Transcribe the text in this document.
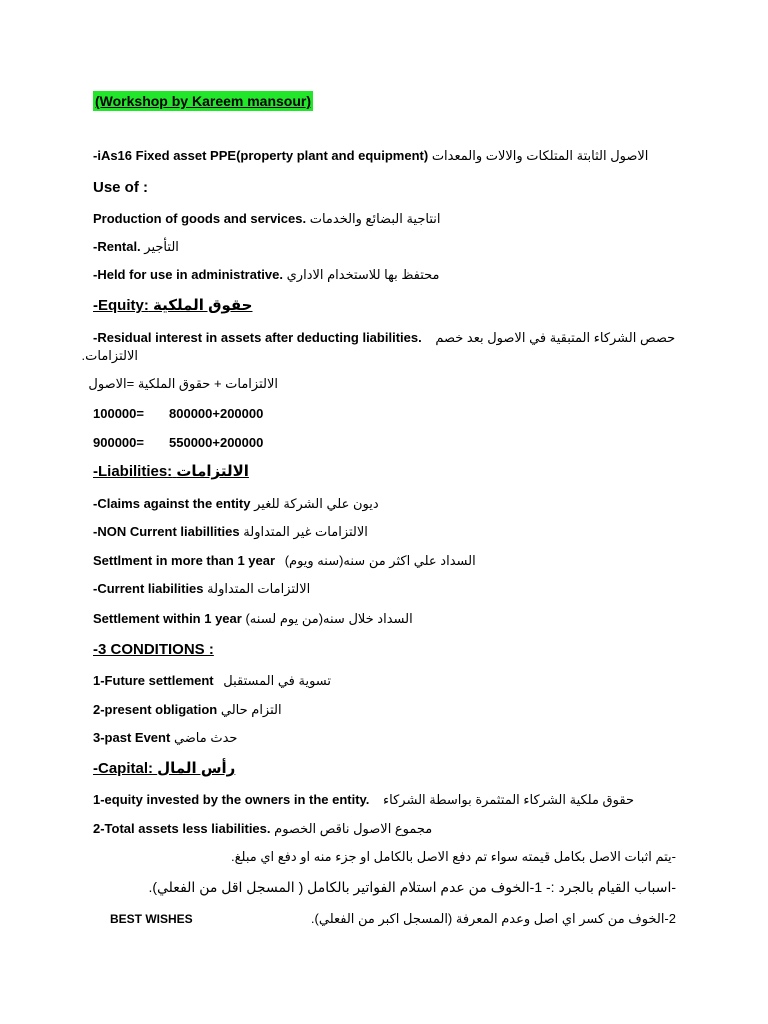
(Workshop by Kareem mansour)
-iAs16 Fixed asset PPE(property plant and equipment) الاصول الثابتة المتلكات والالات والمعدات
Use of :
Production of goods and services. انتاجية البضائع والخدمات
-Rental. التأجير
-Held for use in administrative. محتفظ بها للاستخدام الاداري
-Equity: حقوق الملكية
-Residual interest in assets after deducting liabilities. حصص الشركاء المتبقية في الاصول بعد خصم
الالتزامات.
الالتزامات + حقوق الملكية =الاصول
100000= 800000+200000
900000= 550000+200000
-Liabilities: الالتزامات
-Claims against the entity ديون علي الشركة للغير
-NON Current liabillities الالتزامات غير المتداولة
Settlment in more than 1 year (السداد علي اكثر من سنه(سنه ويوم
-Current liabilities الالتزامات المتداولة
Settlement within 1 year (السداد خلال سنه(من يوم لسنه
-3 CONDITIONS :
1-Future settlement تسوية في المستقبل
2-present obligation التزام حالي
3-past Event حدث ماضي
-Capital: رأس المال
1-equity invested by the owners in the entity. حقوق ملكية الشركاء المتثمرة بواسطة الشركاء
2-Total assets less liabilities. مجموع الاصول ناقص الخصوم
-يتم اثبات الاصل بكامل قيمته سواء تم دفع الاصل بالكامل او جزء منه او دفع اي مبلغ.
-اسباب القيام بالجرد :- 1-الخوف من عدم استلام الفواتير بالكامل ( المسجل اقل من الفعلي).
BEST WISHES	2-الخوف من كسر اي اصل وعدم المعرفة (المسجل اكبر من الفعلي).
